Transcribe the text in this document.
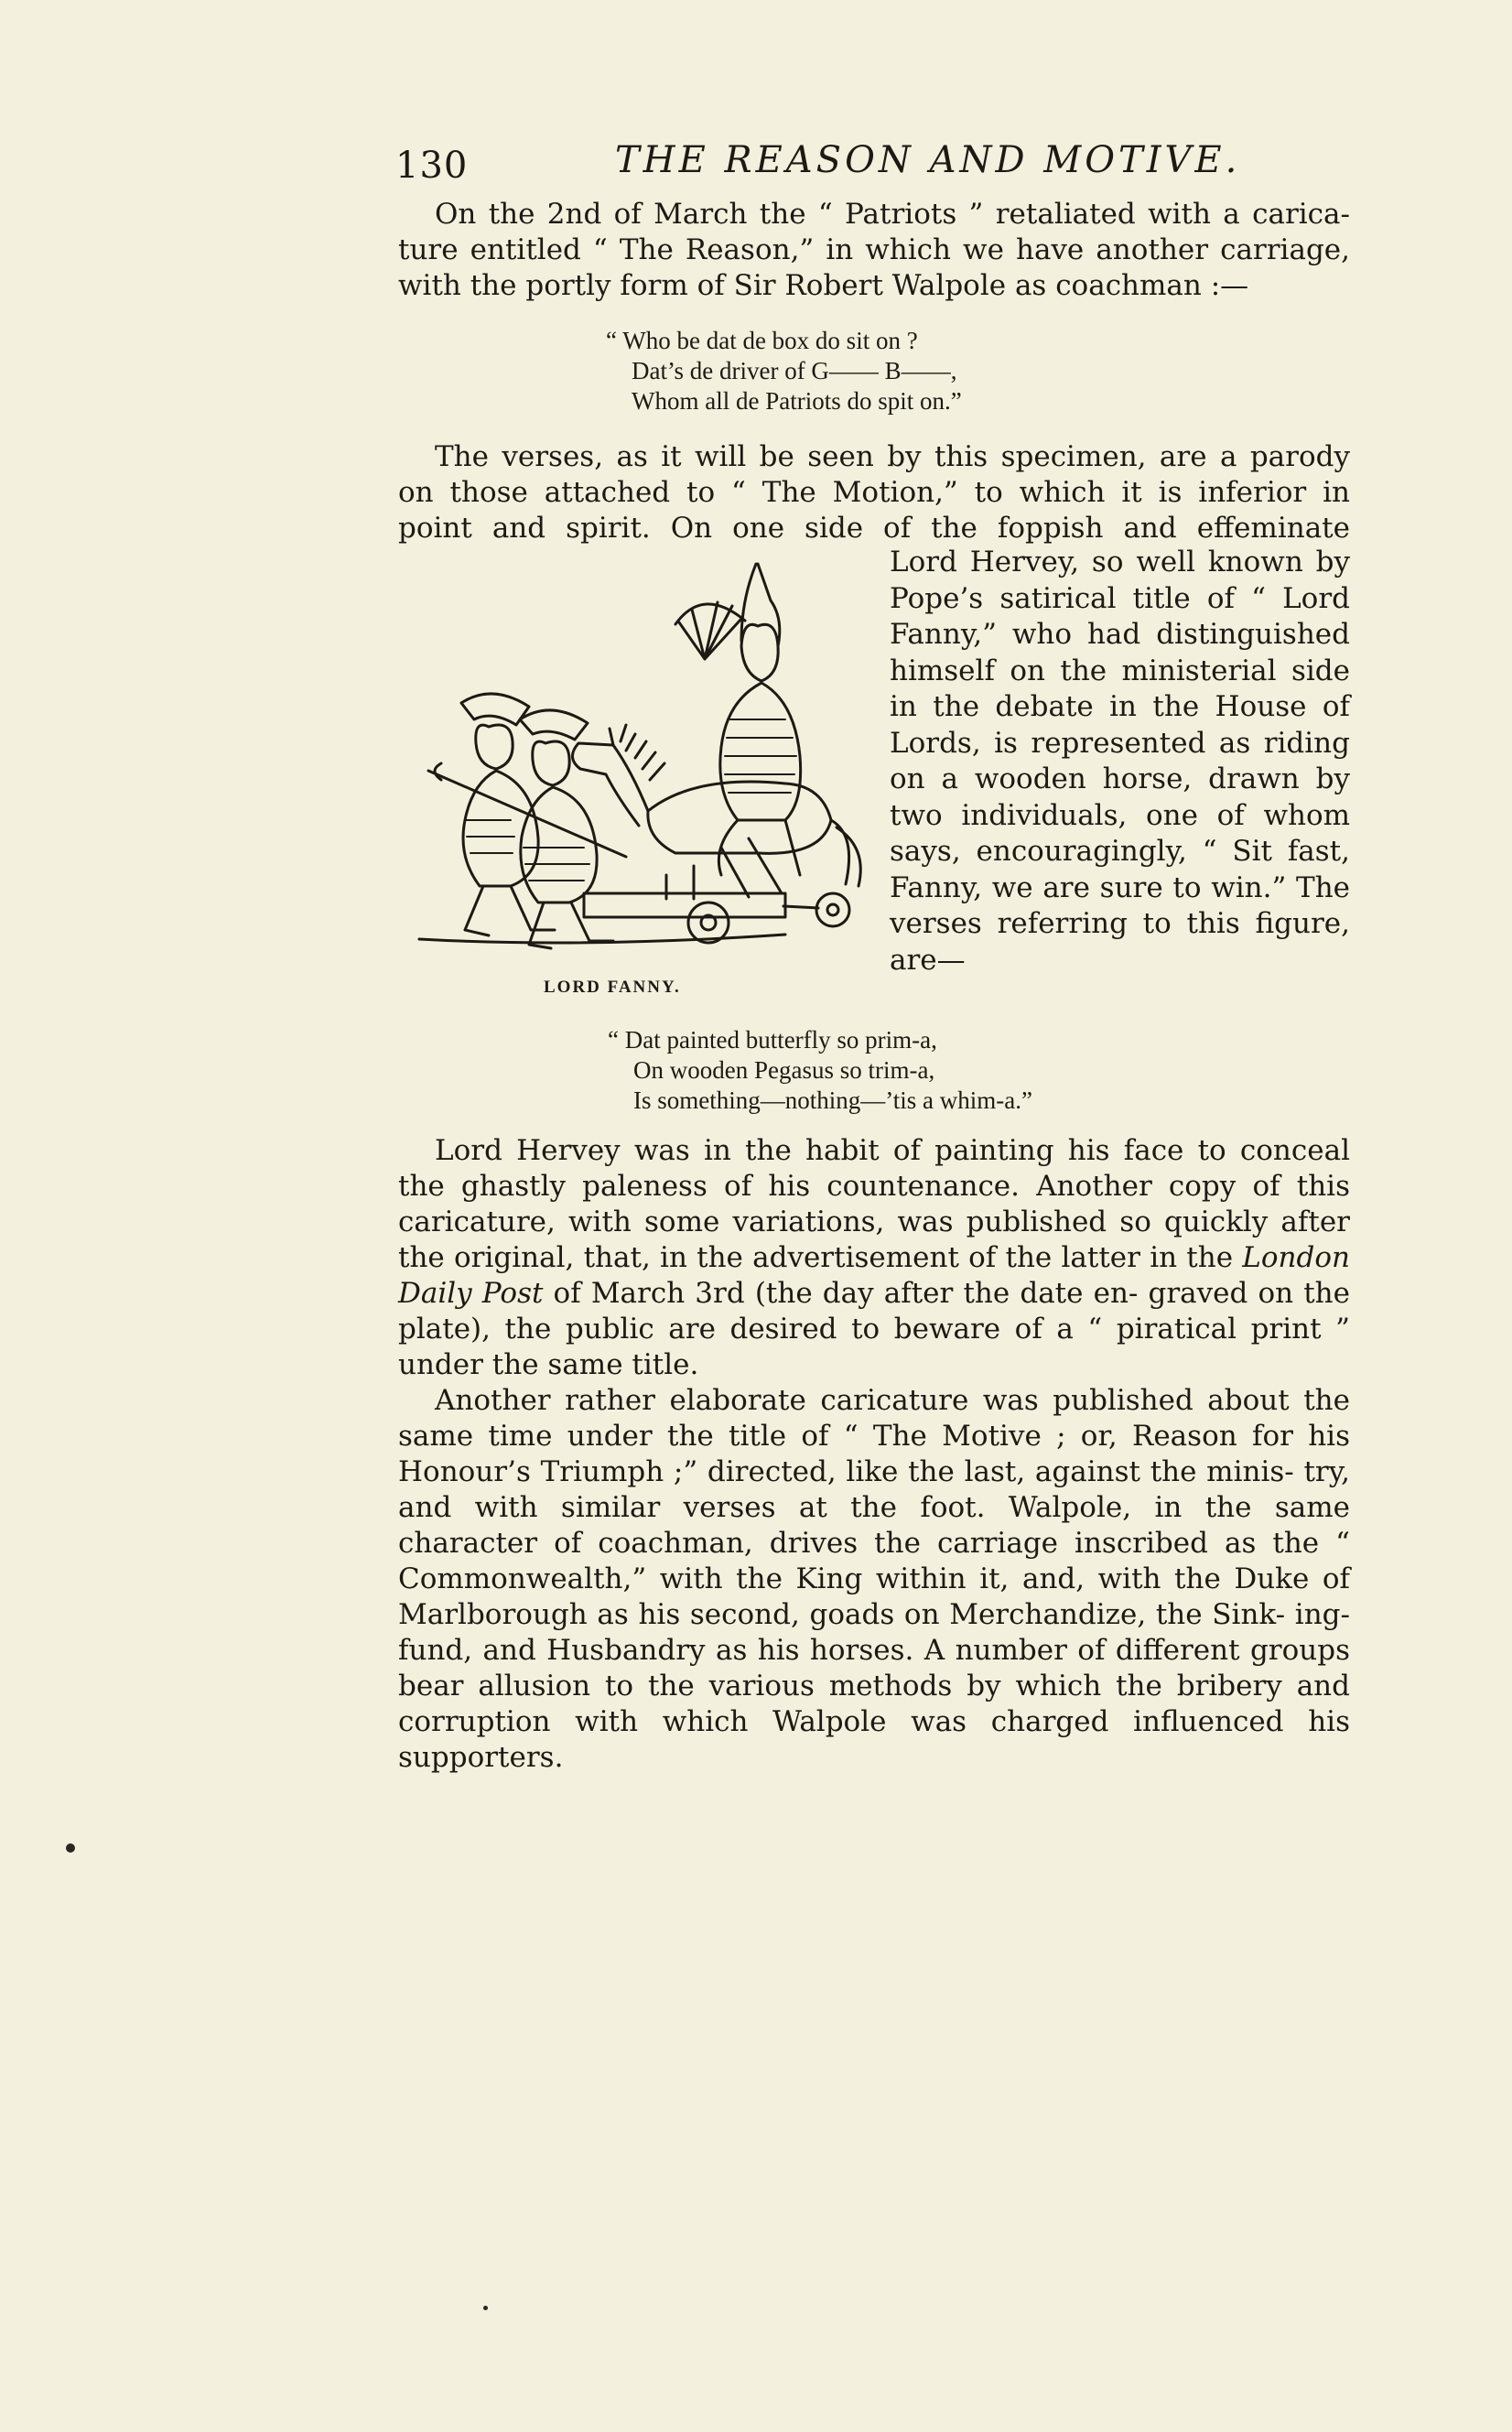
130	THE REASON AND MOTIVE.

On the 2nd of March the “ Patriots ” retaliated with a carica- ture entitled “ The Reason,” in which we have another carriage, with the portly form of Sir Robert Walpole as coachman :—

“ Who be dat de box do sit on ?
Dat’s de driver of G—— B——,
Whom all de Patriots do spit on.”

The verses, as it will be seen by this specimen, are a parody

on those attached to “ The Motion,” to which it is inferior in

point and spirit. On one side of the foppish and effeminate

LORD FANNY.

Lord Hervey, so well known by Pope’s satirical title of “ Lord Fanny,” who had distinguished himself on the ministerial side in the debate in the House of Lords, is represented as riding on a wooden horse, drawn by two individuals, one of whom says, encouragingly, “ Sit fast, Fanny, we are sure to win.” The verses referring to this figure, are—

“ Dat painted butterfly so prim-a,
On wooden Pegasus so trim-a,
Is something—nothing—’tis a whim-a.”

Lord Hervey was in the habit of painting his face to conceal the ghastly paleness of his countenance. Another copy of this caricature, with some variations, was published so quickly after the original, that, in the advertisement of the latter in the London Daily Post of March 3rd (the day after the date en- graved on the plate), the public are desired to beware of a “ piratical print ” under the same title.

Another rather elaborate caricature was published about the same time under the title of “ The Motive ; or, Reason for his Honour’s Triumph ;” directed, like the last, against the minis- try, and with similar verses at the foot. Walpole, in the same character of coachman, drives the carriage inscribed as the “ Commonwealth,” with the King within it, and, with the Duke of Marlborough as his second, goads on Merchandize, the Sink- ing-fund, and Husbandry as his horses. A number of different groups bear allusion to the various methods by which the bribery and corruption with which Walpole was charged influenced his supporters.
